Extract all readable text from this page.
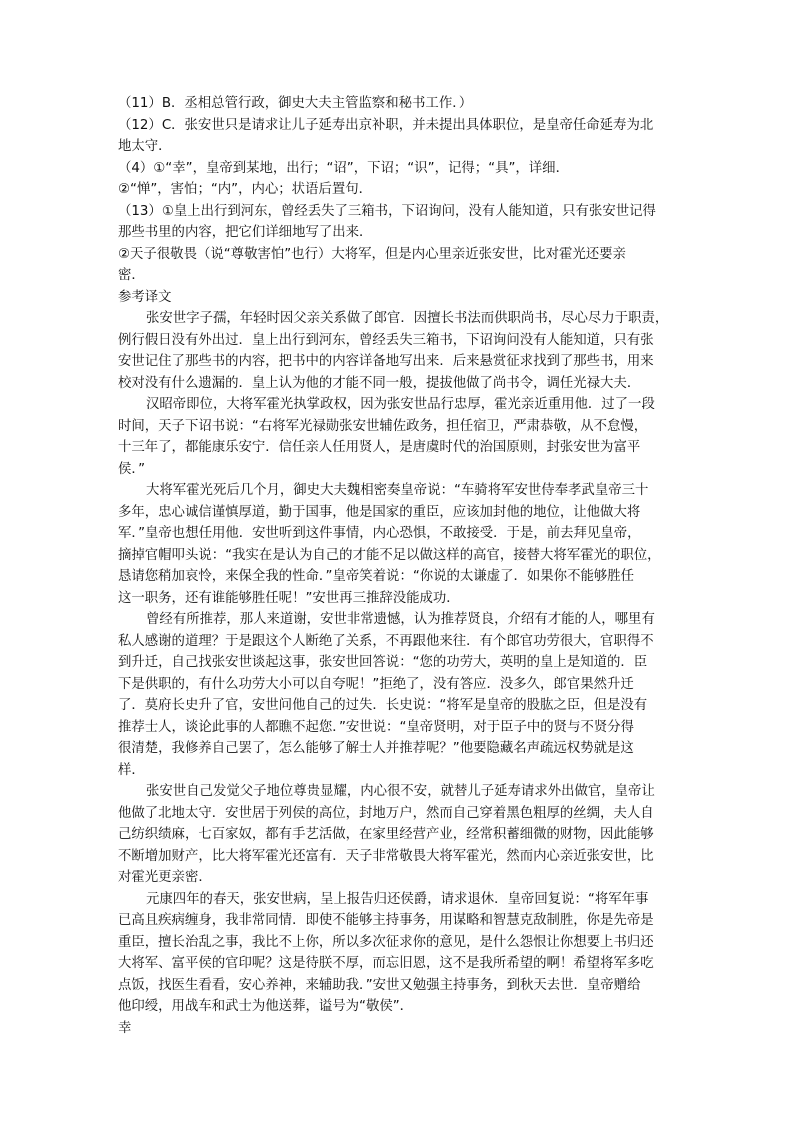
（11）B．丞相总管行政，御史大夫主管监察和秘书工作．）
（12）C．张安世只是请求让儿子延寿出京补职，并未提出具体职位，是皇帝任命延寿为北
地太守．
（4）①“幸”，皇帝到某地，出行；“诏”，下诏；“识”，记得；“具”，详细．
②“惮”，害怕；“内”，内心；状语后置句．
（13）①皇上出行到河东，曾经丢失了三箱书，下诏询问，没有人能知道，只有张安世记得
那些书里的内容，把它们详细地写了出来．
②天子很敬畏（说“尊敬害怕”也行）大将军，但是内心里亲近张安世，比对霍光还要亲
密．
参考译文
张安世字子孺，年轻时因父亲关系做了郎官．因擅长书法而供职尚书，尽心尽力于职责，
例行假日没有外出过．皇上出行到河东，曾经丢失三箱书，下诏询问没有人能知道，只有张
安世记住了那些书的内容，把书中的内容详备地写出来．后来悬赏征求找到了那些书，用来
校对没有什么遗漏的．皇上认为他的才能不同一般，提拔他做了尚书令，调任光禄大夫．
汉昭帝即位，大将军霍光执掌政权，因为张安世品行忠厚，霍光亲近重用他．过了一段
时间，天子下诏书说：“右将军光禄勋张安世辅佐政务，担任宿卫，严肃恭敬，从不怠慢，
十三年了，都能康乐安宁．信任亲人任用贤人，是唐虞时代的治国原则，封张安世为富平
侯．”
大将军霍光死后几个月，御史大夫魏相密奏皇帝说：“车骑将军安世侍奉孝武皇帝三十
多年，忠心诚信谨慎厚道，勤于国事，他是国家的重臣，应该加封他的地位，让他做大将
军．”皇帝也想任用他．安世听到这件事情，内心恐惧，不敢接受．于是，前去拜见皇帝，
摘掉官帽叩头说：“我实在是认为自己的才能不足以做这样的高官，接替大将军霍光的职位，
恳请您稍加哀怜，来保全我的性命．”皇帝笑着说：“你说的太谦虚了．如果你不能够胜任
这一职务，还有谁能够胜任呢！”安世再三推辞没能成功．
曾经有所推荐，那人来道谢，安世非常遗憾，认为推荐贤良，介绍有才能的人，哪里有
私人感谢的道理？于是跟这个人断绝了关系，不再跟他来往．有个郎官功劳很大，官职得不
到升迁，自己找张安世谈起这事，张安世回答说：“您的功劳大，英明的皇上是知道的．臣
下是供职的，有什么功劳大小可以自夸呢！”拒绝了，没有答应．没多久，郎官果然升迁
了．莫府长史升了官，安世问他自己的过失．长史说：“将军是皇帝的股肱之臣，但是没有
推荐士人，谈论此事的人都瞧不起您．”安世说：“皇帝贤明，对于臣子中的贤与不贤分得
很清楚，我修养自己罢了，怎么能够了解士人并推荐呢？”他要隐藏名声疏远权势就是这
样．
张安世自己发觉父子地位尊贵显耀，内心很不安，就替儿子延寿请求外出做官，皇帝让
他做了北地太守．安世居于列侯的高位，封地万户，然而自己穿着黑色粗厚的丝绸，夫人自
己纺织绩麻，七百家奴，都有手艺活做，在家里经营产业，经常积蓄细微的财物，因此能够
不断增加财产，比大将军霍光还富有．天子非常敬畏大将军霍光，然而内心亲近张安世，比
对霍光更亲密．
元康四年的春天，张安世病，呈上报告归还侯爵，请求退休．皇帝回复说：“将军年事
已高且疾病缠身，我非常同情．即使不能够主持事务，用谋略和智慧克敌制胜，你是先帝是
重臣，擅长治乱之事，我比不上你，所以多次征求你的意见，是什么怨恨让你想要上书归还
大将军、富平侯的官印呢？这是待朕不厚，而忘旧恩，这不是我所希望的啊！希望将军多吃
点饭，找医生看看，安心养神，来辅助我．”安世又勉强主持事务，到秋天去世．皇帝赠给
他印绶，用战车和武士为他送葬，谥号为“敬侯”．
幸
